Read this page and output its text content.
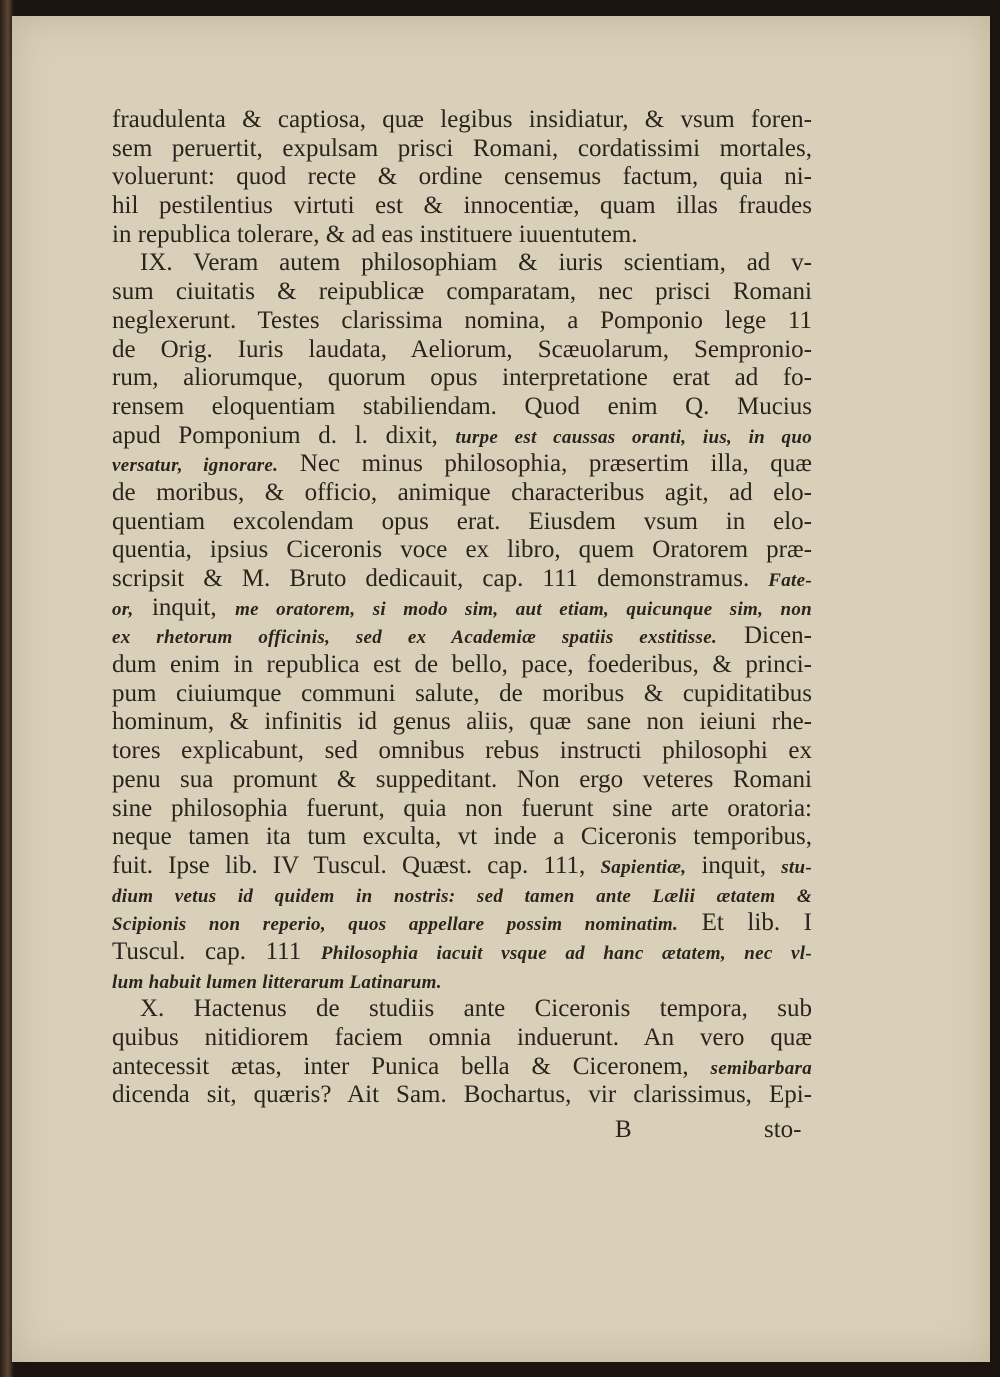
fraudulenta & captiosa, quæ legibus insidiatur, & vsum foren-
sem peruertit, expulsam prisci Romani, cordatissimi mortales,
voluerunt: quod recte & ordine censemus factum, quia ni-
hil pestilentius virtuti est & innocentiæ, quam illas fraudes
in republica tolerare, & ad eas instituere iuuentutem.
IX. Veram autem philosophiam & iuris scientiam, ad v-
sum ciuitatis & reipublicæ comparatam, nec prisci Romani
neglexerunt. Testes clarissima nomina, a Pomponio lege 11
de Orig. Iuris laudata, Aeliorum, Scæuolarum, Sempronio-
rum, aliorumque, quorum opus interpretatione erat ad fo-
rensem eloquentiam stabiliendam. Quod enim Q. Mucius
apud Pomponium d. l. dixit, turpe est caussas oranti, ius, in quo
versatur, ignorare. Nec minus philosophia, præsertim illa, quæ
de moribus, & officio, animique characteribus agit, ad elo-
quentiam excolendam opus erat. Eiusdem vsum in elo-
quentia, ipsius Ciceronis voce ex libro, quem Oratorem præ-
scripsit & M. Bruto dedicauit, cap. 111 demonstramus. Fate-
or, inquit, me oratorem, si modo sim, aut etiam, quicunque sim, non
ex rhetorum officinis, sed ex Academiæ spatiis exstitisse. Dicen-
dum enim in republica est de bello, pace, foederibus, & princi-
pum ciuiumque communi salute, de moribus & cupiditatibus
hominum, & infinitis id genus aliis, quæ sane non ieiuni rhe-
tores explicabunt, sed omnibus rebus instructi philosophi ex
penu sua promunt & suppeditant. Non ergo veteres Romani
sine philosophia fuerunt, quia non fuerunt sine arte oratoria:
neque tamen ita tum exculta, vt inde a Ciceronis temporibus,
fuit. Ipse lib. IV Tuscul. Quæst. cap. 111, Sapientiæ, inquit, stu-
dium vetus id quidem in nostris: sed tamen ante Lælii ætatem &
Scipionis non reperio, quos appellare possim nominatim. Et lib. I
Tuscul. cap. 111 Philosophia iacuit vsque ad hanc ætatem, nec vl-
lum habuit lumen litterarum Latinarum.
X. Hactenus de studiis ante Ciceronis tempora, sub
quibus nitidiorem faciem omnia induerunt. An vero quæ
antecessit ætas, inter Punica bella & Ciceronem, semibarbara
dicenda sit, quæris? Ait Sam. Bochartus, vir clarissimus, Epi-
B	sto-
